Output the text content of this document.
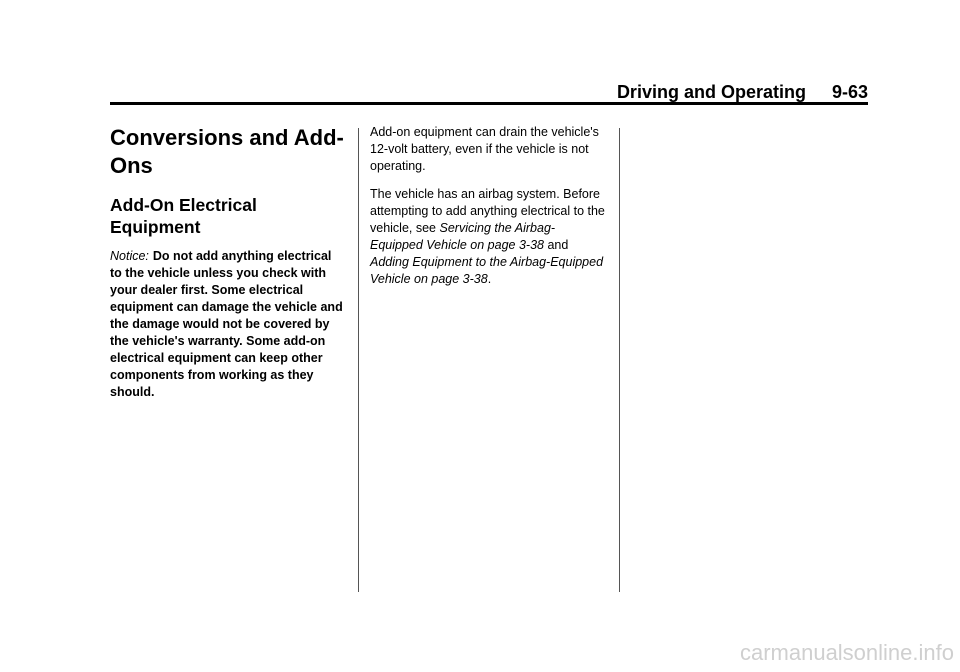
Driving and Operating 9-63
Conversions and Add-Ons
Add-On Electrical Equipment

Notice: Do not add anything electrical to the vehicle unless you check with your dealer first. Some electrical equipment can damage the vehicle and the damage would not be covered by the vehicle's warranty. Some add-on electrical equipment can keep other components from working as they should.

Add-on equipment can drain the vehicle's 12-volt battery, even if the vehicle is not operating.

The vehicle has an airbag system. Before attempting to add anything electrical to the vehicle, see Servicing the Airbag-Equipped Vehicle on page 3-38 and Adding Equipment to the Airbag-Equipped Vehicle on page 3-38.

carmanualsonline.info
